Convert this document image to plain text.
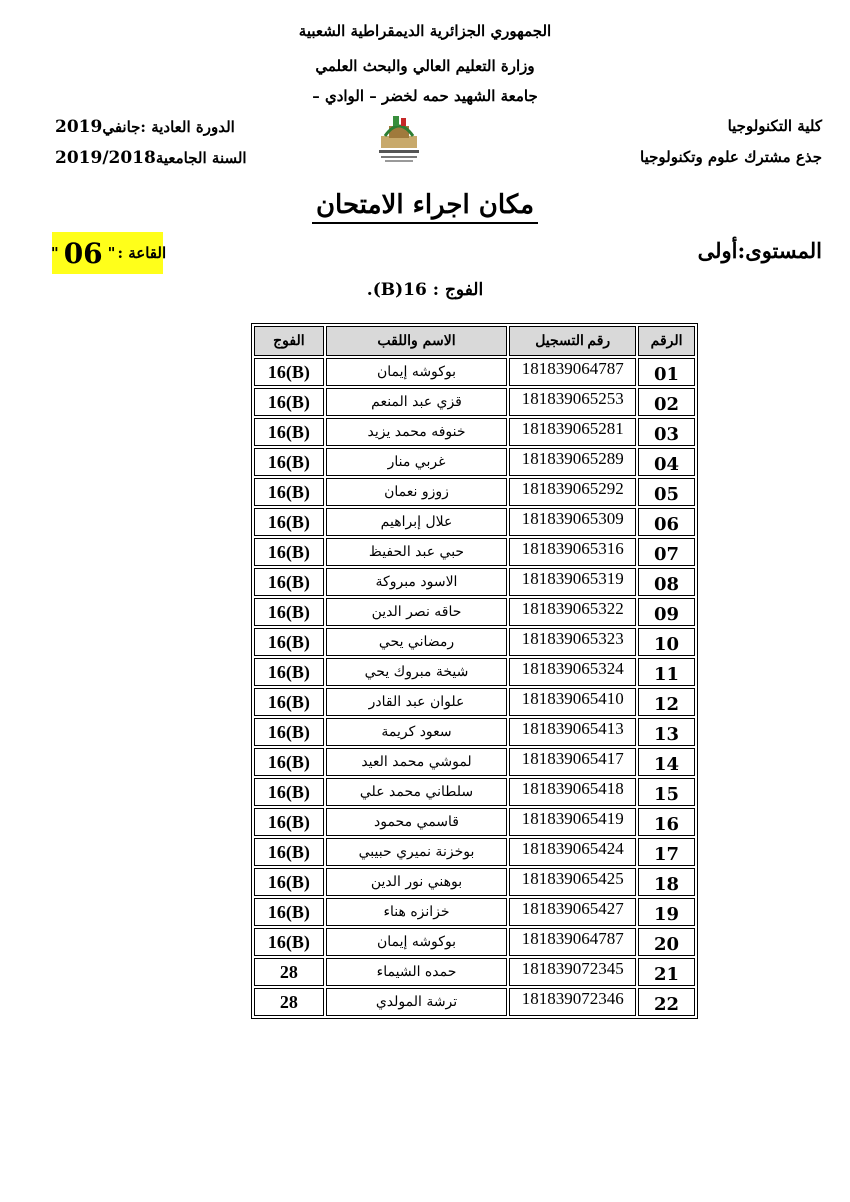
الجمهوري الجزائرية الديمقراطية الشعبية
وزارة التعليم العالي والبحث العلمي
جامعة الشهيد حمه لخضر – الوادي –
كلية التكنولوجيا
جذع مشترك علوم وتكنولوجيا
الدورة العادية :جانفي2019
السنة الجامعية2019/2018
مكان اجراء الامتحان
المستوى:أولى
القاعة :
"
06
"
الفوج : 16(B).
الرقم	رقم التسجيل	الاسم واللقب	الفوج
01	181839064787	بوكوشه إيمان	16(B)
02	181839065253	قزي عبد المنعم	16(B)
03	181839065281	خنوفه محمد يزيد	16(B)
04	181839065289	غربي منار	16(B)
05	181839065292	زوزو نعمان	16(B)
06	181839065309	علال إبراهيم	16(B)
07	181839065316	حبي عبد الحفيظ	16(B)
08	181839065319	الاسود مبروكة	16(B)
09	181839065322	حاقه نصر الدين	16(B)
10	181839065323	رمضاني يحي	16(B)
11	181839065324	شيخة مبروك يحي	16(B)
12	181839065410	علوان عبد القادر	16(B)
13	181839065413	سعود كريمة	16(B)
14	181839065417	لموشي محمد العيد	16(B)
15	181839065418	سلطاني محمد علي	16(B)
16	181839065419	قاسمي محمود	16(B)
17	181839065424	بوخزنة نميري حبيبي	16(B)
18	181839065425	بوهني نور الدين	16(B)
19	181839065427	خزانزه هناء	16(B)
20	181839064787	بوكوشه إيمان	16(B)
21	181839072345	حمده الشيماء	28
22	181839072346	ترشة المولدي	28
